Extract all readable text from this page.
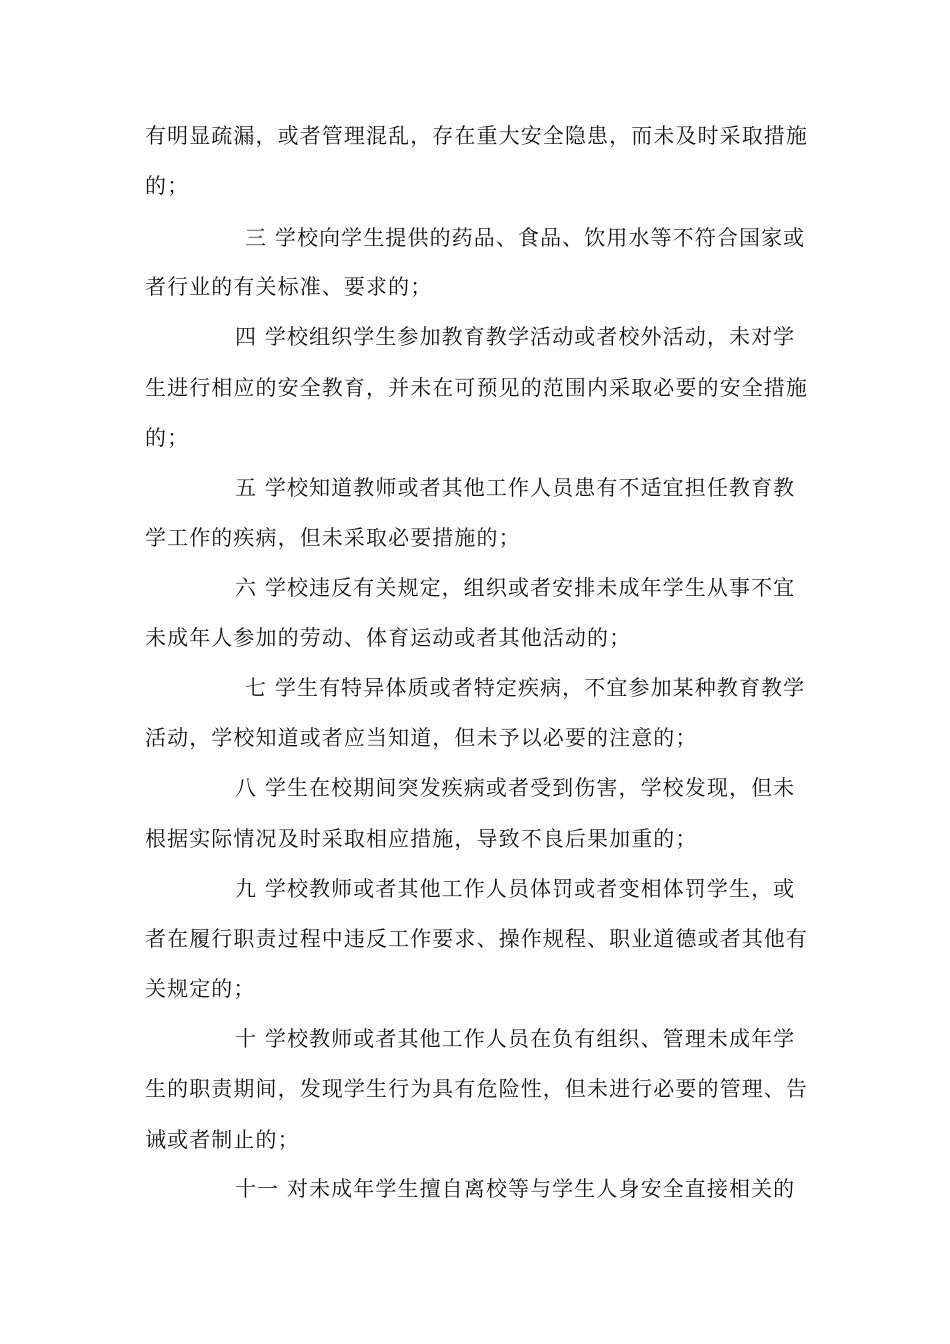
有明显疏漏，或者管理混乱，存在重大安全隐患，而未及时采取措施
的；
三 学校向学生提供的药品、食品、饮用水等不符合国家或
者行业的有关标准、要求的；
四 学校组织学生参加教育教学活动或者校外活动，未对学
生进行相应的安全教育，并未在可预见的范围内采取必要的安全措施
的；
五 学校知道教师或者其他工作人员患有不适宜担任教育教
学工作的疾病，但未采取必要措施的；
六 学校违反有关规定，组织或者安排未成年学生从事不宜
未成年人参加的劳动、体育运动或者其他活动的；
七 学生有特异体质或者特定疾病，不宜参加某种教育教学
活动，学校知道或者应当知道，但未予以必要的注意的；
八 学生在校期间突发疾病或者受到伤害，学校发现，但未
根据实际情况及时采取相应措施，导致不良后果加重的；
九 学校教师或者其他工作人员体罚或者变相体罚学生，或
者在履行职责过程中违反工作要求、操作规程、职业道德或者其他有
关规定的；
十 学校教师或者其他工作人员在负有组织、管理未成年学
生的职责期间，发现学生行为具有危险性，但未进行必要的管理、告
诫或者制止的；
十一 对未成年学生擅自离校等与学生人身安全直接相关的
